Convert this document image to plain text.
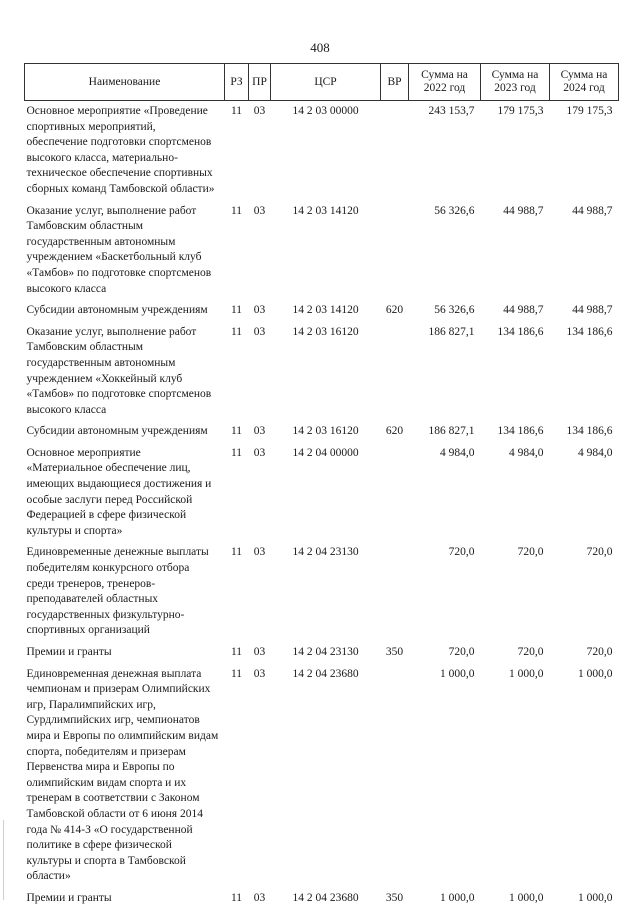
408
Наименование	РЗ	ПР	ЦСР	ВР	Сумма на 2022 год	Сумма на 2023 год	Сумма на 2024 год
Основное мероприятие «Проведение спортивных мероприятий, обеспечение подготовки спортсменов высокого класса, материально-техническое обеспечение спортивных сборных команд Тамбовской области»	11	03	14 2 03 00000		243 153,7	179 175,3	179 175,3
Оказание услуг, выполнение работ Тамбовским областным государственным автономным учреждением «Баскетбольный клуб «Тамбов» по подготовке спортсменов высокого класса	11	03	14 2 03 14120		56 326,6	44 988,7	44 988,7
Субсидии автономным учреждениям	11	03	14 2 03 14120	620	56 326,6	44 988,7	44 988,7
Оказание услуг, выполнение работ Тамбовским областным государственным автономным учреждением «Хоккейный клуб «Тамбов» по подготовке спортсменов высокого класса	11	03	14 2 03 16120		186 827,1	134 186,6	134 186,6
Субсидии автономным учреждениям	11	03	14 2 03 16120	620	186 827,1	134 186,6	134 186,6
Основное мероприятие «Материальное обеспечение лиц, имеющих выдающиеся достижения и особые заслуги перед Российской Федерацией в сфере физической культуры и спорта»	11	03	14 2 04 00000		4 984,0	4 984,0	4 984,0
Единовременные денежные выплаты победителям конкурсного отбора среди тренеров, тренеров-преподавателей областных государственных физкультурно-спортивных организаций	11	03	14 2 04 23130		720,0	720,0	720,0
Премии и гранты	11	03	14 2 04 23130	350	720,0	720,0	720,0
Единовременная денежная выплата чемпионам и призерам Олимпийских игр, Паралимпийских игр, Сурдлимпийских игр, чемпионатов мира и Европы по олимпийским видам спорта, победителям и призерам Первенства мира и Европы по олимпийским видам спорта и их тренерам в соответствии с Законом Тамбовской области от 6 июня 2014 года № 414-З «О государственной политике в сфере физической культуры и спорта в Тамбовской области»	11	03	14 2 04 23680		1 000,0	1 000,0	1 000,0
Премии и гранты	11	03	14 2 04 23680	350	1 000,0	1 000,0	1 000,0
